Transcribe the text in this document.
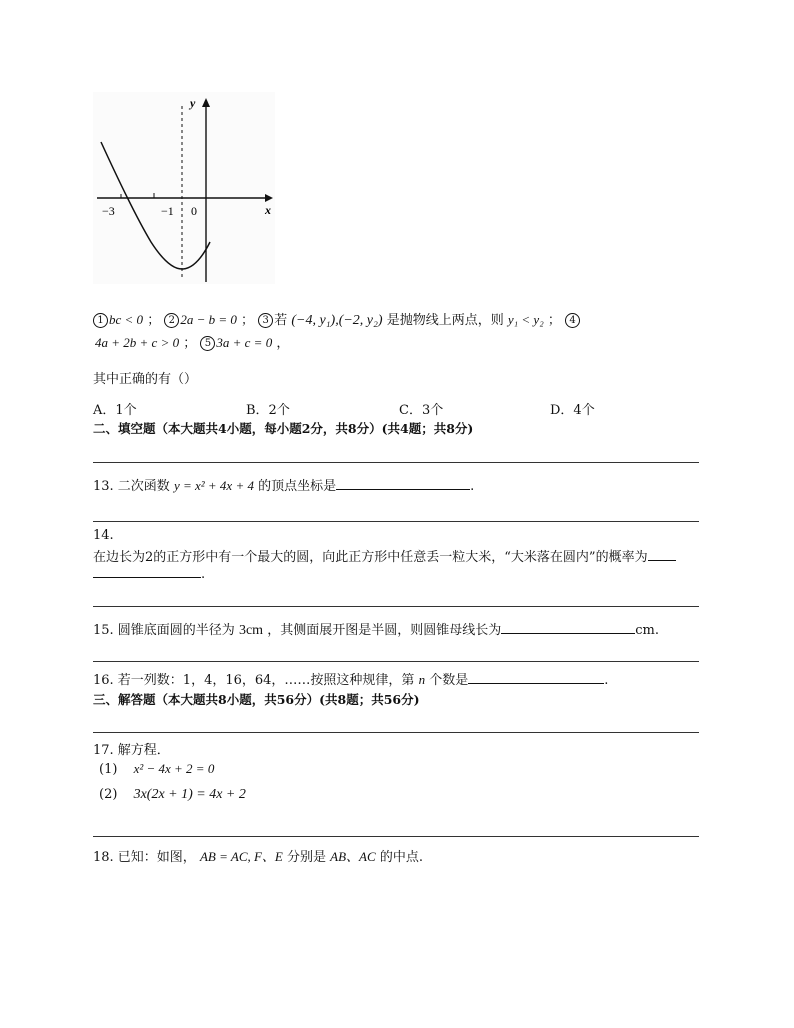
y
x
−3	−1 0
1 bc < 0 ； 2 2a − b = 0 ； 3 若 (−4, y₁),(−2, y₂) 是抛物线上两点，则 y₁ < y₂ ； 4
4a + 2b + c > 0 ； 5 3a + c = 0 ，
其中正确的有（）
A．1个	B．2个	C．3个	D．4个
二、填空题（本大题共4小题，每小题2分，共8分）(共4题；共8分)
13. 二次函数 y = x² + 4x + 4 的顶点坐标是	.
14.
在边长为2的正方形中有一个最大的圆，向此正方形中任意丢一粒大米，“大米落在圆内”的概率为
.
15. 圆锥底面圆的半径为 3cm ，其侧面展开图是半圆，则圆锥母线长为	cm.
16. 若一列数：1，4，16，64，……按照这种规律，第 n 个数是	.
三、解答题（本大题共8小题，共56分）(共8题；共56分)
17. 解方程．
(1) x² − 4x + 2 = 0
(2) 3x(2x + 1) = 4x + 2
18. 已知：如图， AB = AC, F、E 分别是 AB、AC 的中点.
